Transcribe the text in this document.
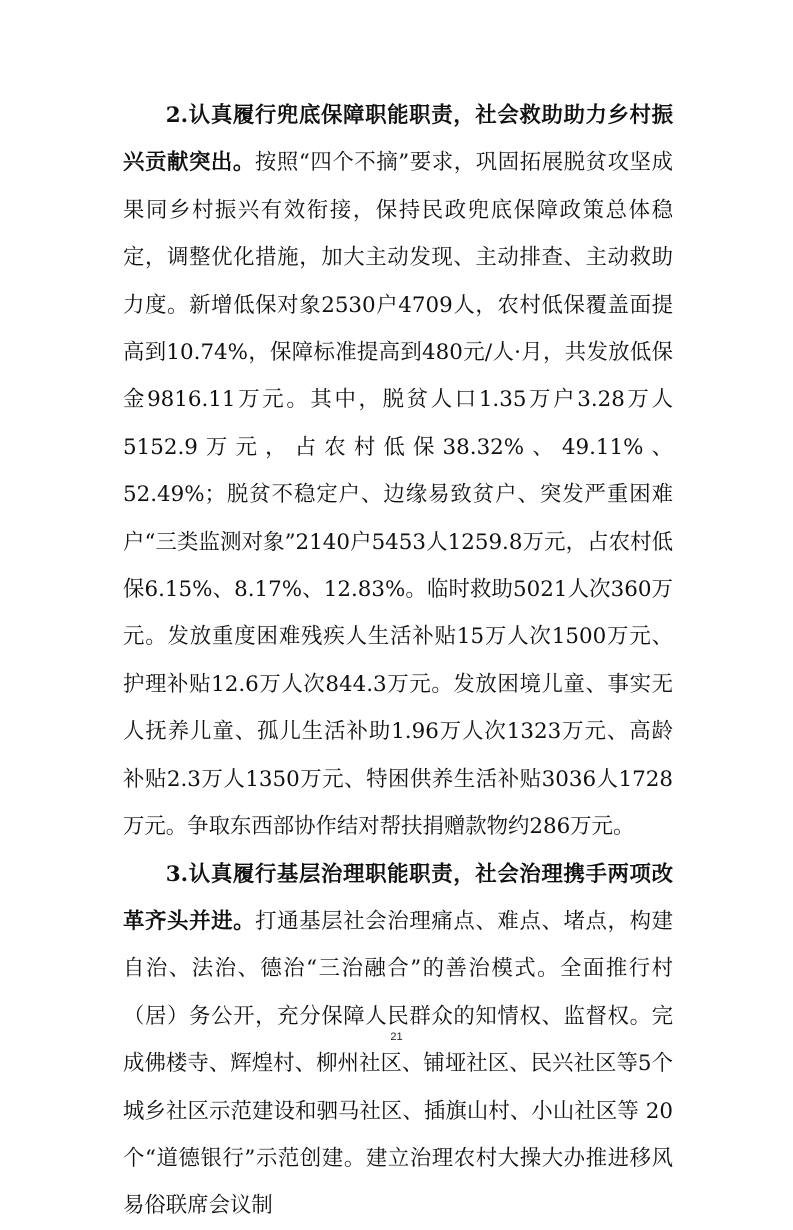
2.认真履行兜底保障职能职责，社会救助助力乡村振兴贡献突出。按照“四个不摘”要求，巩固拓展脱贫攻坚成果同乡村振兴有效衔接，保持民政兜底保障政策总体稳定，调整优化措施，加大主动发现、主动排查、主动救助力度。新增低保对象2530户4709人，农村低保覆盖面提高到10.74%，保障标准提高到480元/人·月，共发放低保金9816.11万元。其中，脱贫人口1.35万户3.28万人5152.9万元，占农村低保38.32%、49.11%、52.49%；脱贫不稳定户、边缘易致贫户、突发严重困难户“三类监测对象”2140户5453人1259.8万元，占农村低保6.15%、8.17%、12.83%。临时救助5021人次360万元。发放重度困难残疾人生活补贴15万人次1500万元、护理补贴12.6万人次844.3万元。发放困境儿童、事实无人抚养儿童、孤儿生活补助1.96万人次1323万元、高龄补贴2.3万人1350万元、特困供养生活补贴3036人1728万元。争取东西部协作结对帮扶捐赠款物约286万元。

3.认真履行基层治理职能职责，社会治理携手两项改革齐头并进。打通基层社会治理痛点、难点、堵点，构建自治、法治、德治“三治融合”的善治模式。全面推行村（居）务公开，充分保障人民群众的知情权、监督权。完成佛楼寺、辉煌村、柳州社区、铺垭社区、民兴社区等5个城乡社区示范建设和驷马社区、插旗山村、小山社区等 20 个“道德银行”示范创建。建立治理农村大操大办推进移风易俗联席会议制

21
